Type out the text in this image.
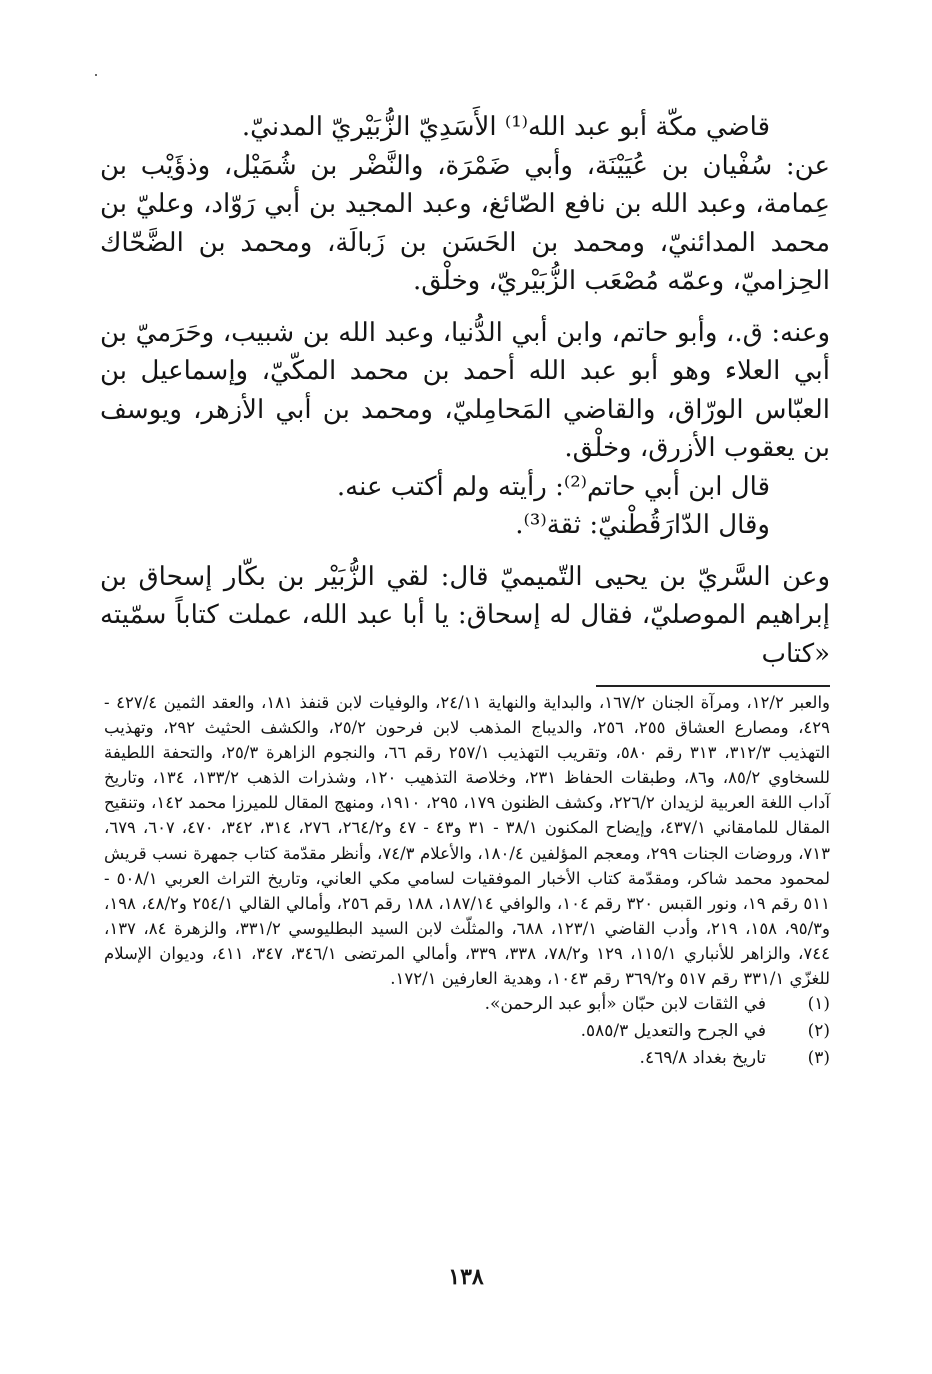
قاضي مكّة أبو عبد الله⁽¹⁾ الأَسَدِيّ الزُّبَيْريّ المدنيّ.

عن: سُفْيان بن عُيَيْنَة، وأبي ضَمْرَة، والنَّضْر بن شُمَيْل، وذؤَيْب بن عِمامة، وعبد الله بن نافع الصّائغ، وعبد المجيد بن أبي رَوّاد، وعليّ بن محمد المدائنيّ، ومحمد بن الحَسَن بن زَبالَة، ومحمد بن الضَّحّاك الحِزاميّ، وعمّه مُصْعَب الزُّبَيْريّ، وخلْق.

وعنه: ق.، وأبو حاتم، وابن أبي الدُّنيا، وعبد الله بن شبيب، وحَرَميّ بن أبي العلاء وهو أبو عبد الله أحمد بن محمد المكّيّ، وإسماعيل بن العبّاس الورّاق، والقاضي المَحامِليّ، ومحمد بن أبي الأزهر، ويوسف بن يعقوب الأزرق، وخلْق.

قال ابن أبي حاتم⁽²⁾: رأيته ولم أكتب عنه.

وقال الدّارَقُطْنيّ: ثقة⁽³⁾.

وعن السَّريّ بن يحيى التّميميّ قال: لقي الزُّبَيْر بن بكّار إسحاق بن إبراهيم الموصليّ، فقال له إسحاق: يا أبا عبد الله، عملت كتاباً سمّيته «كتاب

والعبر ١٢/٢، ومرآة الجنان ١٦٧/٢، والبداية والنهاية ٢٤/١١، والوفيات لابن قنفذ ١٨١، والعقد الثمين ٤٢٧/٤ - ٤٢٩، ومصارع العشاق ٢٥٥، ٢٥٦، والديباج المذهب لابن فرحون ٢٥/٢، والكشف الحثيث ٢٩٢، وتهذيب التهذيب ٣١٢/٣، ٣١٣ رقم ٥٨٠، وتقريب التهذيب ٢٥٧/١ رقم ٦٦، والنجوم الزاهرة ٢٥/٣، والتحفة اللطيفة للسخاوي ٨٥/٢، و٨٦، وطبقات الحفاظ ٢٣١، وخلاصة التذهيب ١٢٠، وشذرات الذهب ١٣٣/٢، ١٣٤، وتاريخ آداب اللغة العربية لزيدان ٢٢٦/٢، وكشف الظنون ١٧٩، ٢٩٥، ١٩١٠، ومنهج المقال للميرزا محمد ١٤٢، وتنقيح المقال للمامقاني ٤٣٧/١، وإيضاح المكنون ٣٨/١ - ٣١ و٤٣ - ٤٧ و٢٦٤/٢، ٢٧٦، ٣١٤، ٣٤٢، ٤٧٠، ٦٠٧، ٦٧٩، ٧١٣، وروضات الجنات ٢٩٩، ومعجم المؤلفين ١٨٠/٤، والأعلام ٧٤/٣، وأنظر مقدّمة كتاب جمهرة نسب قريش لمحمود محمد شاكر، ومقدّمة كتاب الأخبار الموفقيات لسامي مكي العاني، وتاريخ التراث العربي ٥٠٨/١ - ٥١١ رقم ١٩، ونور القبس ٣٢٠ رقم ١٠٤، والوافي ١٨٧/١٤، ١٨٨ رقم ٢٥٦، وأمالي القالي ٢٥٤/١ و٤٨/٢، ١٩٨، و٩٥/٣، ١٥٨، ٢١٩، وأدب القاضي ١٢٣/١، ٦٨٨، والمثلّث لابن السيد البطليوسي ٣٣١/٢، والزهرة ٨٤، ١٣٧، ٧٤٤، والزاهر للأنباري ١١٥/١، ١٢٩ و٧٨/٢، ٣٣٨، ٣٣٩، وأمالي المرتضى ٣٤٦/١، ٣٤٧، ٤١١، وديوان الإسلام للغزّي ٣٣١/١ رقم ٥١٧ و٣٦٩/٢ رقم ١٠٤٣، وهدية العارفين ١٧٢/١.

(١)
في الثقات لابن حبّان «أبو عبد الرحمن».
(٢)
في الجرح والتعديل ٥٨٥/٣.
(٣)
تاريخ بغداد ٤٦٩/٨.
١٣٨
